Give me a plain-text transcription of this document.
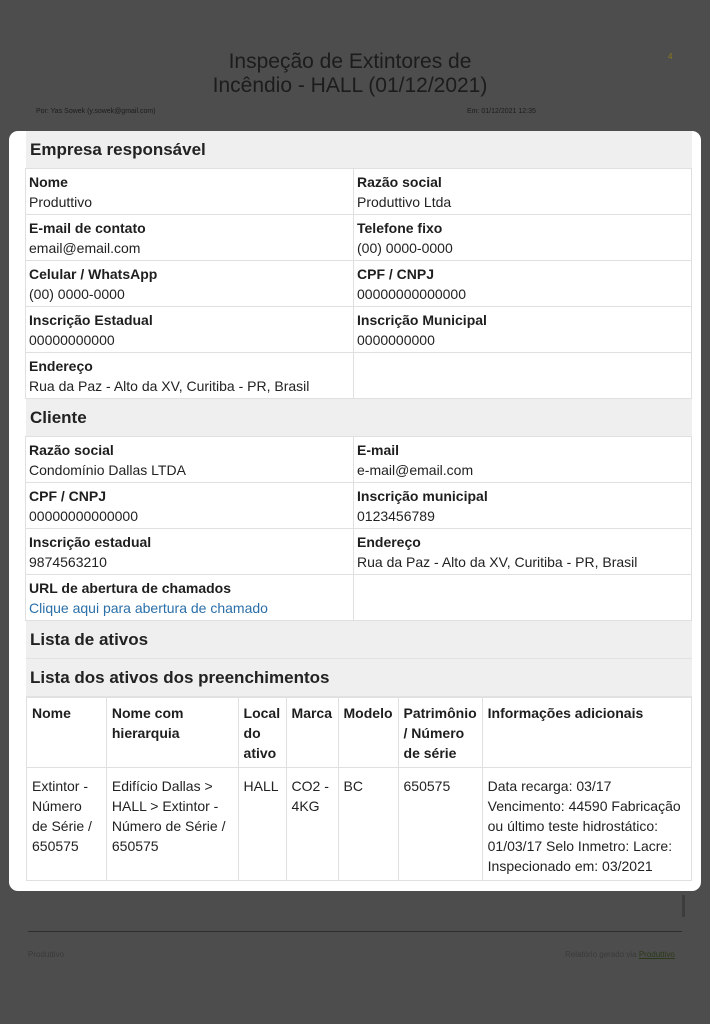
Inspeção de Extintores de
Incêndio - HALL (01/12/2021)
4
Por: Yas Sowek (y.sowek@gmail.com)	Em: 01/12/2021 12:35
Produttivo	Relatório gerado via Produttivo
Empresa responsável
Nome
Produttivo
Razão social
Produttivo Ltda
E-mail de contato
email@email.com
Telefone fixo
(00) 0000-0000
Celular / WhatsApp
(00) 0000-0000
CPF / CNPJ
00000000000000
Inscrição Estadual
00000000000
Inscrição Municipal
0000000000
Endereço
Rua da Paz - Alto da XV, Curitiba - PR, Brasil
Cliente
Razão social
Condomínio Dallas LTDA
E-mail
e-mail@email.com
CPF / CNPJ
00000000000000
Inscrição municipal
0123456789
Inscrição estadual
9874563210
Endereço
Rua da Paz - Alto da XV, Curitiba - PR, Brasil
URL de abertura de chamados
Clique aqui para abertura de chamado
Lista de ativos
Lista dos ativos dos preenchimentos
Nome	Nome com hierarquia	Local do ativo	Marca	Modelo	Patrimônio / Número de série	Informações adicionais
Extintor - Número de Série / 650575	Edifício Dallas > HALL > Extintor - Número de Série / 650575	HALL	CO2 - 4KG	BC	650575	Data recarga: 03/17 Vencimento: 44590 Fabricação ou último teste hidrostático: 01/03/17 Selo Inmetro: Lacre: Inspecionado em: 03/2021
